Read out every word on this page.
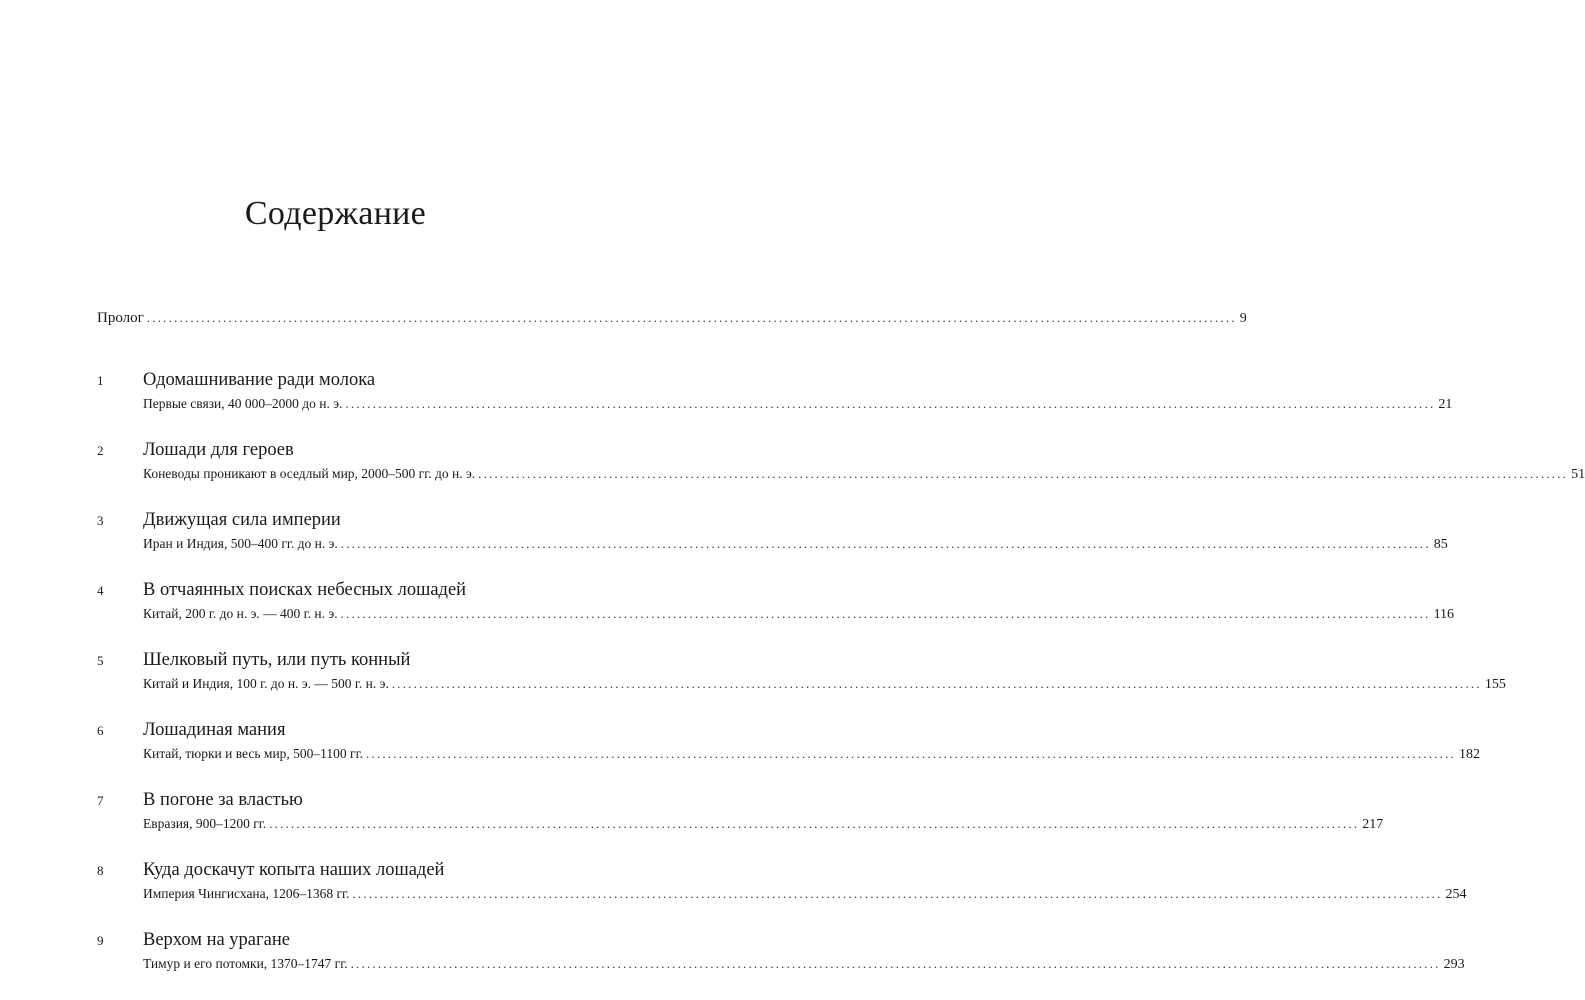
Содержание
Пролог ........................................................................................................................................................................................................ 9
1	Одомашнивание ради молока
Первые связи, 40 000–2000 до н. э. ........................................................................................................................................................................................................ 21
2	Лошади для героев
Коневоды проникают в оседлый мир, 2000–500 гг. до н. э. ........................................................................................................................................................................................................ 51
3	Движущая сила империи
Иран и Индия, 500–400 гг. до н. э. ........................................................................................................................................................................................................ 85
4	В отчаянных поисках небесных лошадей
Китай, 200 г. до н. э. — 400 г. н. э. ........................................................................................................................................................................................................ 116
5	Шелковый путь, или путь конный
Китай и Индия, 100 г. до н. э. — 500 г. н. э. ........................................................................................................................................................................................................ 155
6	Лошадиная мания
Китай, тюрки и весь мир, 500–1100 гг. ........................................................................................................................................................................................................ 182
7	В погоне за властью
Евразия, 900–1200 гг. ........................................................................................................................................................................................................ 217
8	Куда доскачут копыта наших лошадей
Империя Чингисхана, 1206–1368 гг. ........................................................................................................................................................................................................ 254
9	Верхом на урагане
Тимур и его потомки, 1370–1747 гг. ........................................................................................................................................................................................................ 293
